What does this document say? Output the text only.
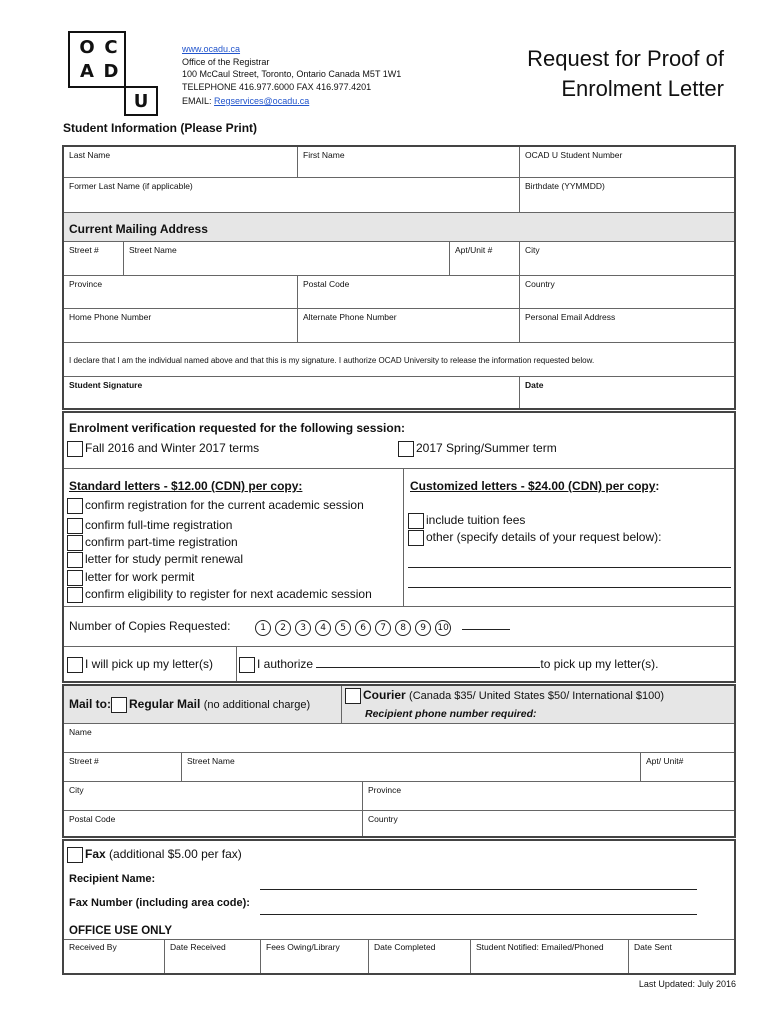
O C
A D
U
www.ocadu.ca
Office of the Registrar
100 McCaul Street, Toronto, Ontario Canada M5T 1W1
TELEPHONE 416.977.6000 FAX 416.977.4201
EMAIL: Regservices@ocadu.ca
Request for Proof of
Enrolment Letter
Student Information (Please Print)
Last Name	First Name	OCAD U Student Number
Former Last Name (if applicable)	Birthdate (YYMMDD)
Current Mailing Address
Street #	Street Name	Apt/Unit #	City
Province	Postal Code	Country
Home Phone Number	Alternate Phone Number	Personal Email Address
I declare that I am the individual named above and that this is my signature. I authorize OCAD University to release the information requested below.
Student Signature	Date
Enrolment verification requested for the following session:
Fall 2016 and Winter 2017 terms	2017 Spring/Summer term
Standard letters - $12.00 (CDN) per copy:
confirm registration for the current academic session
confirm full-time registration
confirm part-time registration
letter for study permit renewal
letter for work permit
confirm eligibility to register for next academic session
Customized letters - $24.00 (CDN) per copy:
include tuition fees
other (specify details of your request below):
Number of Copies Requested:	1 2 3 4 5 6 7 8 9 10
I will pick up my letter(s)	I authorize	to pick up my letter(s).
Mail to: Regular Mail (no additional charge)
Courier (Canada $35/ United States $50/ International $100)
Recipient phone number required:
Name
Street #	Street Name	Apt/ Unit#
City	Province
Postal Code	Country
Fax (additional $5.00 per fax)
Recipient Name:
Fax Number (including area code):
OFFICE USE ONLY
Received By	Date Received	Fees Owing/Library	Date Completed	Student Notified: Emailed/Phoned	Date Sent
Last Updated: July 2016
